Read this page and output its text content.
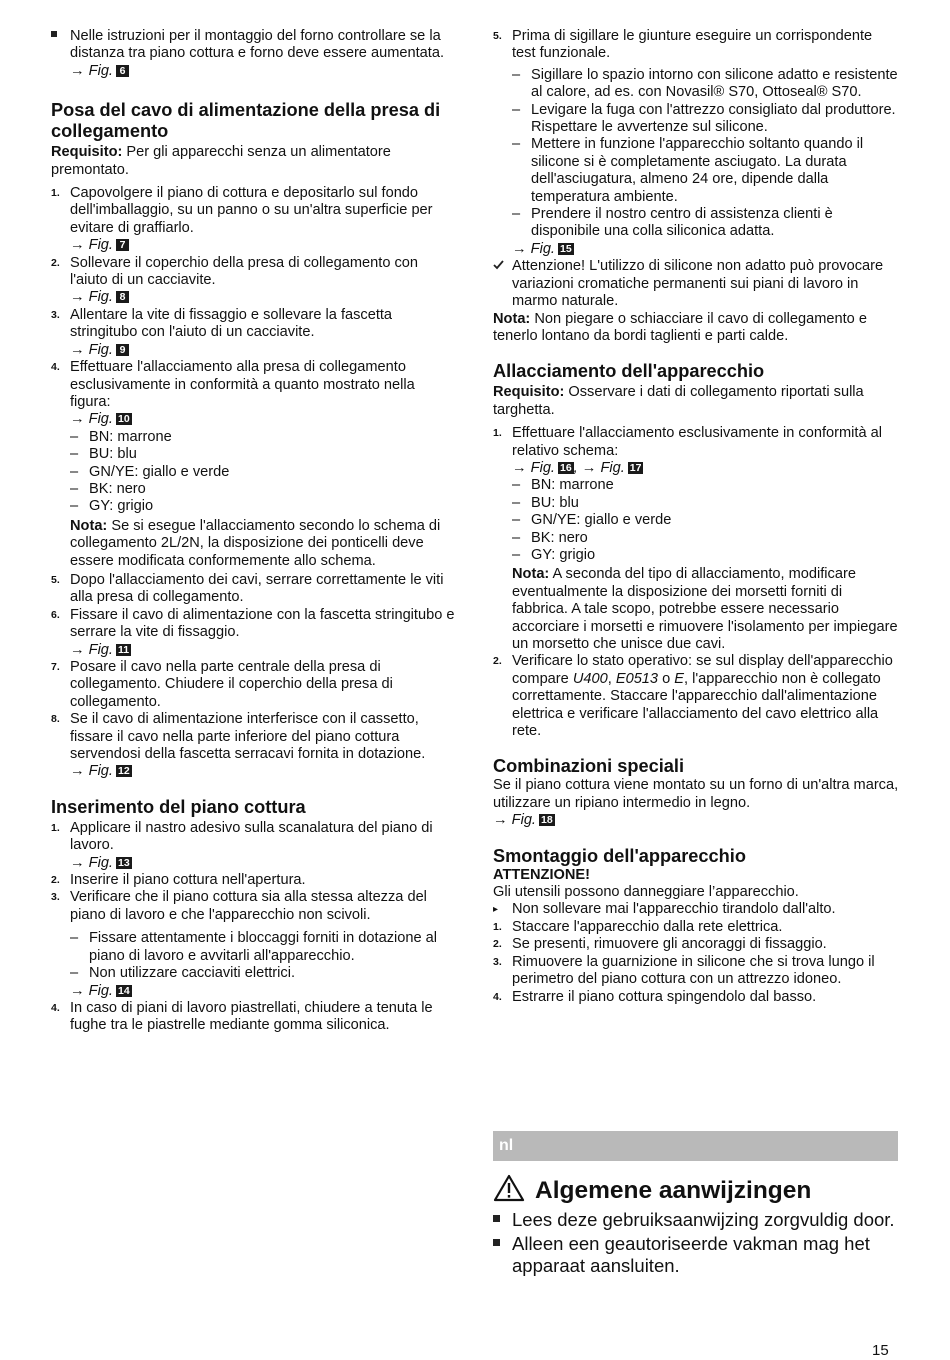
Nelle istruzioni per il montaggio del forno controllare se la distanza tra piano cottura e forno deve essere aumentata.

→ Fig. 6

Posa del cavo di alimentazione della presa di collegamento

Requisito: Per gli apparecchi senza un alimentatore premontato.

1. Capovolgere il piano di cottura e depositarlo sul fondo dell'imballaggio, su un panno o su un'altra superficie per evitare di graffiarlo.

→ Fig. 7

2. Sollevare il coperchio della presa di collegamento con l'aiuto di un cacciavite.

→ Fig. 8

3. Allentare la vite di fissaggio e sollevare la fascetta stringitubo con l'aiuto di un cacciavite.

→ Fig. 9

4. Effettuare l'allacciamento alla presa di collegamento esclusivamente in conformità a quanto mostrato nella figura:

→ Fig. 10

– BN: marrone

– BU: blu

– GN/YE: giallo e verde

– BK: nero

– GY: grigio

Nota: Se si esegue l'allacciamento secondo lo schema di collegamento 2L/2N, la disposizione dei ponticelli deve essere modificata conformemente allo schema.

5. Dopo l'allacciamento dei cavi, serrare correttamente le viti alla presa di collegamento.

6. Fissare il cavo di alimentazione con la fascetta stringitubo e serrare la vite di fissaggio.

→ Fig. 11

7. Posare il cavo nella parte centrale della presa di collegamento. Chiudere il coperchio della presa di collegamento.

8. Se il cavo di alimentazione interferisce con il cassetto, fissare il cavo nella parte inferiore del piano cottura servendosi della fascetta serracavi fornita in dotazione.

→ Fig. 12

Inserimento del piano cottura
1. Applicare il nastro adesivo sulla scanalatura del piano di lavoro.

→ Fig. 13

2. Inserire il piano cottura nell'apertura.

3. Verificare che il piano cottura sia alla stessa altezza del piano di lavoro e che l'apparecchio non scivoli.

– Fissare attentamente i bloccaggi forniti in dotazione al piano di lavoro e avvitarli all'apparecchio.

– Non utilizzare cacciaviti elettrici.

→ Fig. 14

4. In caso di piani di lavoro piastrellati, chiudere a tenuta le fughe tra le piastrelle mediante gomma siliconica.

5. Prima di sigillare le giunture eseguire un corrispondente test funzionale.

– Sigillare lo spazio intorno con silicone adatto e resistente al calore, ad es. con Novasil® S70, Ottoseal® S70.

– Levigare la fuga con l'attrezzo consigliato dal produttore. Rispettare le avvertenze sul silicone.

– Mettere in funzione l'apparecchio soltanto quando il silicone si è completamente asciugato. La durata dell'asciugatura, almeno 24 ore, dipende dalla temperatura ambiente.

– Prendere il nostro centro di assistenza clienti è disponibile una colla siliconica adatta.

→ Fig. 15

Attenzione! L'utilizzo di silicone non adatto può provocare variazioni cromatiche permanenti sui piani di lavoro in marmo naturale.

Nota: Non piegare o schiacciare il cavo di collegamento e tenerlo lontano da bordi taglienti e parti calde.

Allacciamento dell'apparecchio

Requisito: Osservare i dati di collegamento riportati sulla targhetta.

1. Effettuare l'allacciamento esclusivamente in conformità al relativo schema:

→ Fig. 16 , → Fig. 17

– BN: marrone

– BU: blu

– GN/YE: giallo e verde

– BK: nero

– GY: grigio

Nota: A seconda del tipo di allacciamento, modificare eventualmente la disposizione dei morsetti forniti di fabbrica. A tale scopo, potrebbe essere necessario accorciare i morsetti e rimuovere l'isolamento per impiegare un morsetto che unisce due cavi.

2. Verificare lo stato operativo: se sul display dell'apparecchio compare U400, E0513 o E, l'apparecchio non è collegato correttamente. Staccare l'apparecchio dall'alimentazione elettrica e verificare l'allacciamento del cavo elettrico alla rete.

Combinazioni speciali

Se il piano cottura viene montato su un forno di un'altra marca, utilizzare un ripiano intermedio in legno.

→ Fig. 18

Smontaggio dell'apparecchio

ATTENZIONE!

Gli utensili possono danneggiare l’apparecchio.

▸ Non sollevare mai l'apparecchio tirandolo dall'alto.

1. Staccare l'apparecchio dalla rete elettrica.

2. Se presenti, rimuovere gli ancoraggi di fissaggio.

3. Rimuovere la guarnizione in silicone che si trova lungo il perimetro del piano cottura con un attrezzo idoneo.

4. Estrarre il piano cottura spingendolo dal basso.

nl
Algemene aanwijzingen

Lees deze gebruiksaanwijzing zorgvuldig door.

Alleen een geautoriseerde vakman mag het apparaat aansluiten.

15
